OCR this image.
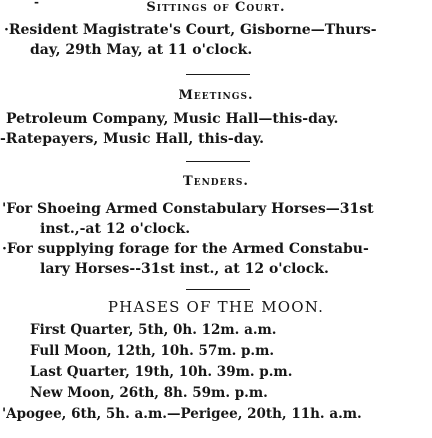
-	Sittings of Court.
·Resident Magistrate's Court, Gisborne—Thurs-
day, 29th May, at 11 o'clock.
Meetings.
Petroleum Company, Music Hall—this-day.
-Ratepayers, Music Hall, this-day.
Tenders.
'For Shoeing Armed Constabulary Horses—31st
inst.,-at 12 o'clock.
·For supplying forage for the Armed Constabu-
lary Horses--31st inst., at 12 o'clock.
PHASES OF THE MOON.
First Quarter, 5th, 0h. 12m. a.m.
Full Moon, 12th, 10h. 57m. p.m.
Last Quarter, 19th, 10h. 39m. p.m.
New Moon, 26th, 8h. 59m. p.m.
'Apogee, 6th, 5h. a.m.—Perigee, 20th, 11h. a.m.
